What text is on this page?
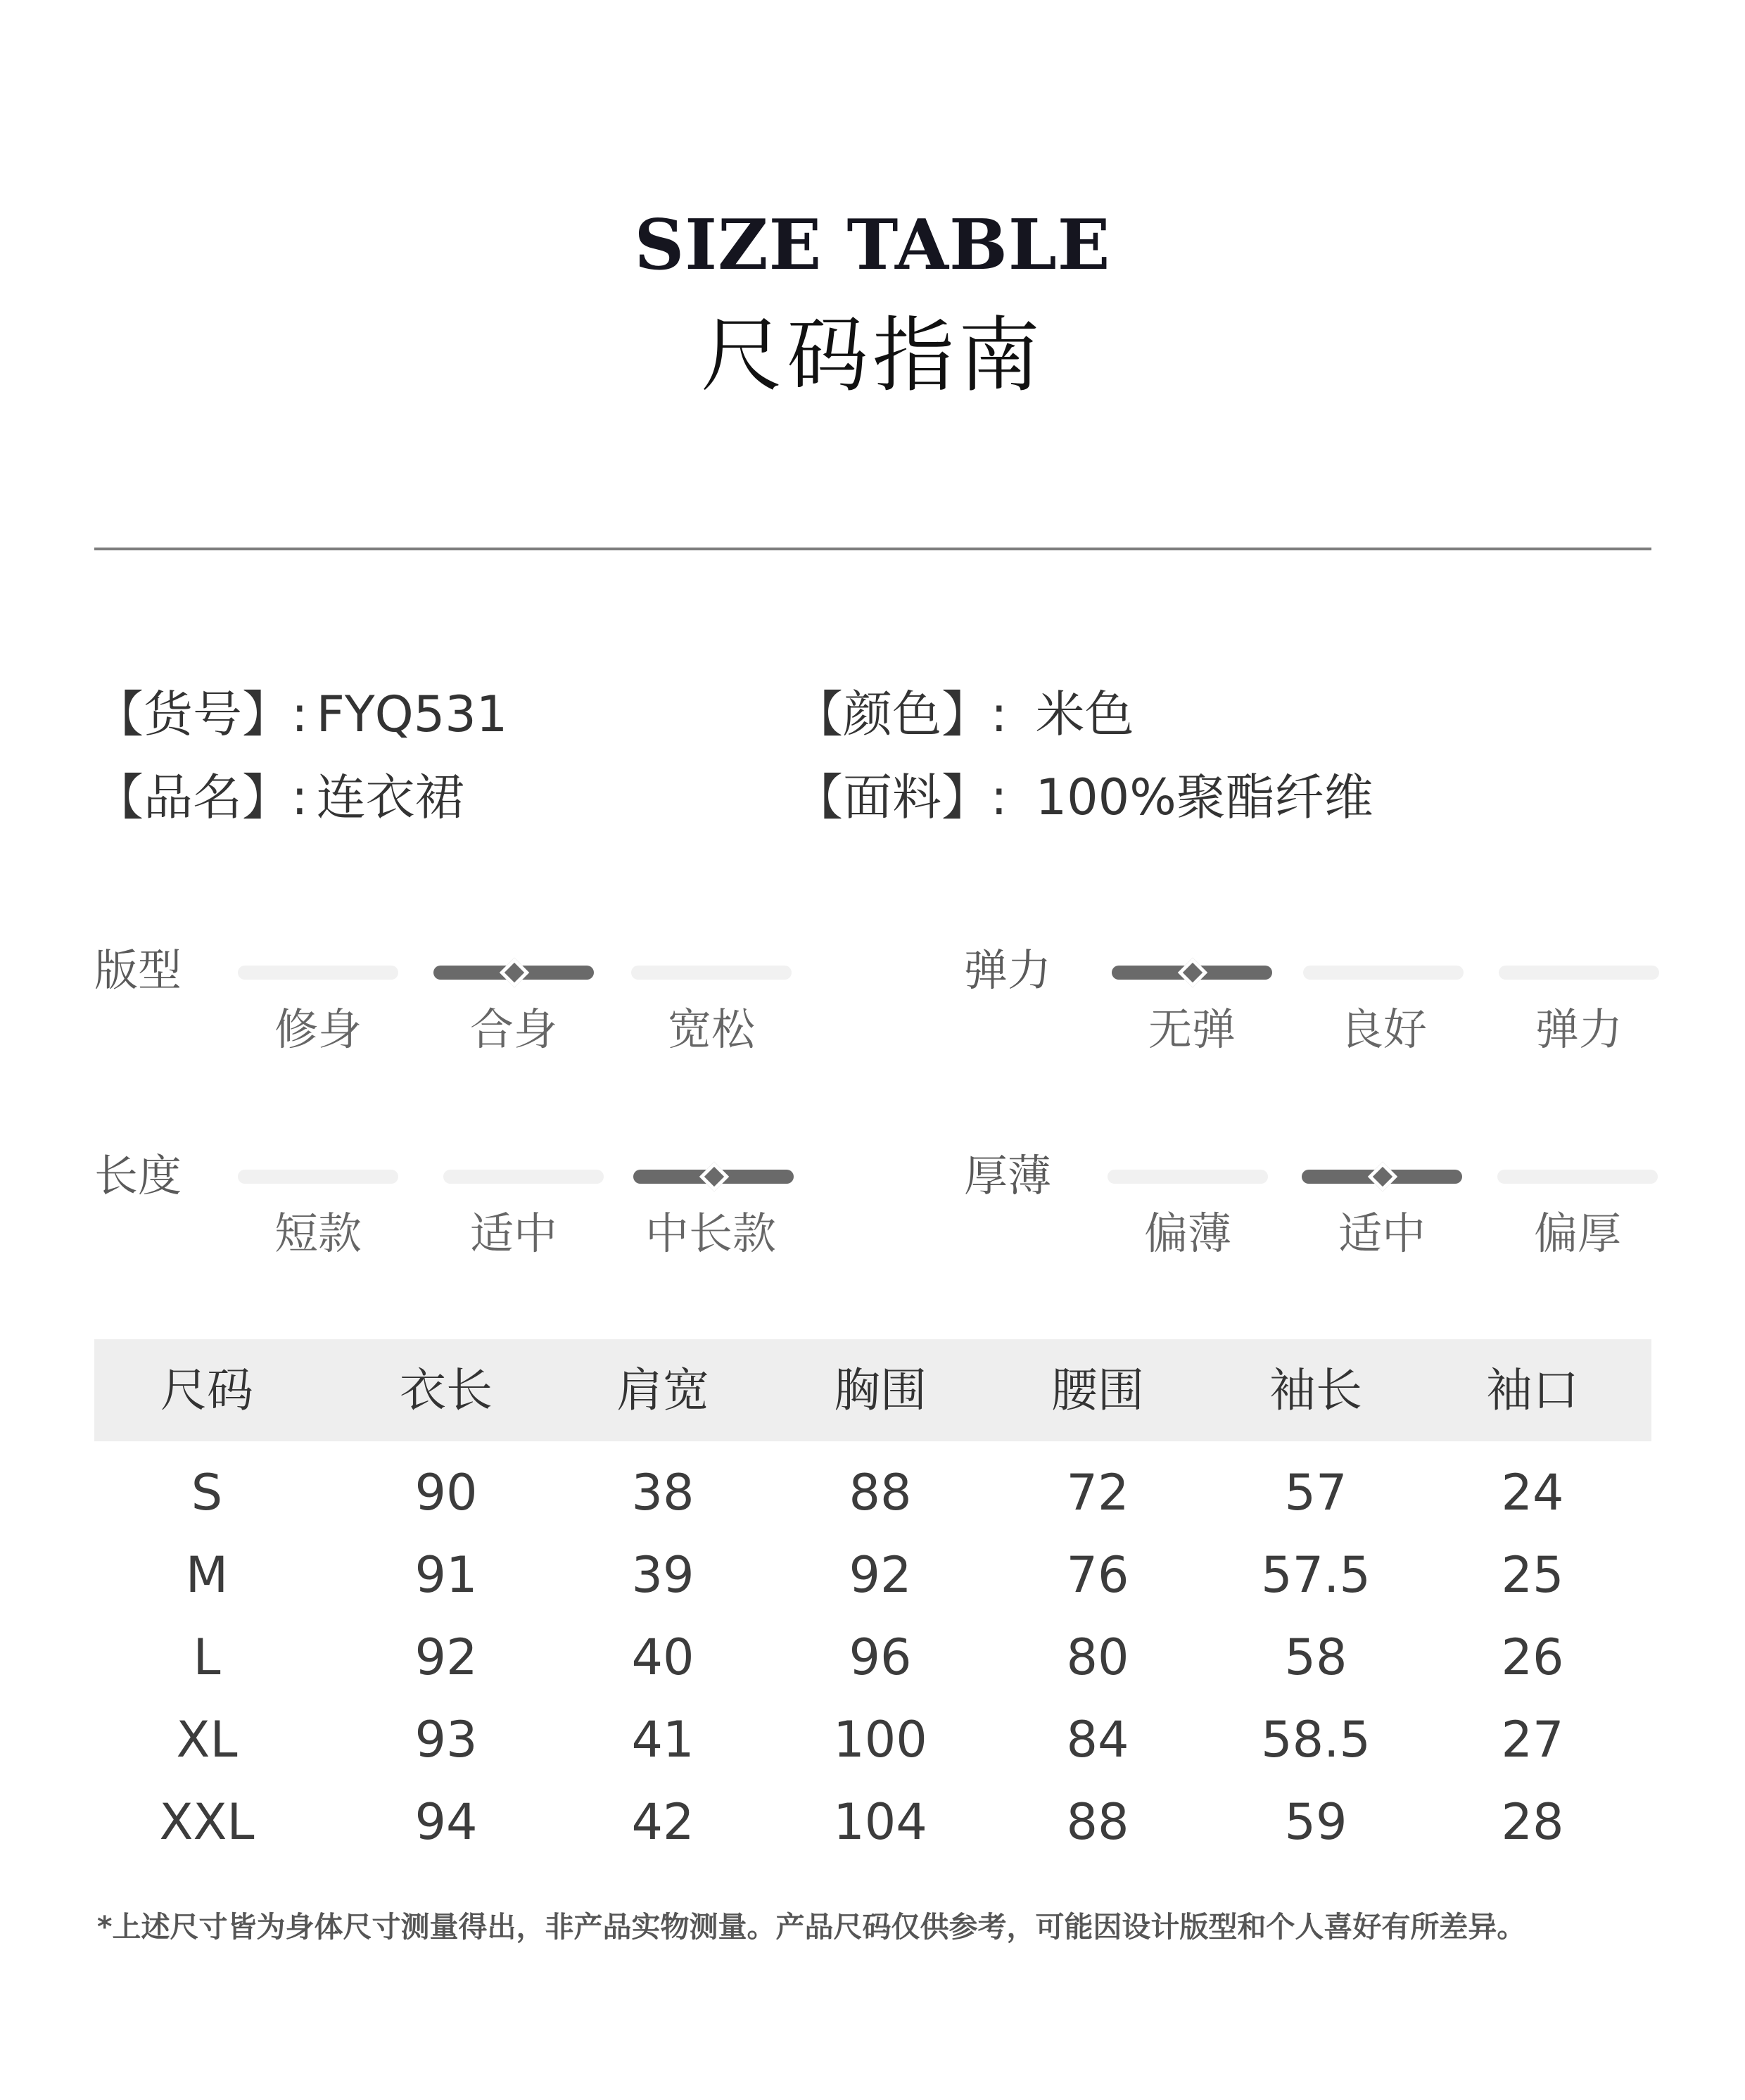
SIZE TABLE
尺码指南
【货号】: FYQ531
【品名】: 连衣裙
【颜色】: 米色
【面料】: 100%聚酯纤维
版型
修身	合身	宽松
弹力
无弹	良好	弹力
长度
短款	适中	中长款
厚薄
偏薄	适中	偏厚
尺码	衣长	肩宽	胸围	腰围	袖长	袖口
S	90	38	88	72	57	24
M	91	39	92	76	57.5	25
L	92	40	96	80	58	26
XL	93	41	100	84	58.5	27
XXL	94	42	104	88	59	28
*上述尺寸皆为身体尺寸测量得出，非产品实物测量。产品尺码仅供参考，可能因设计版型和个人喜好有所差异。
